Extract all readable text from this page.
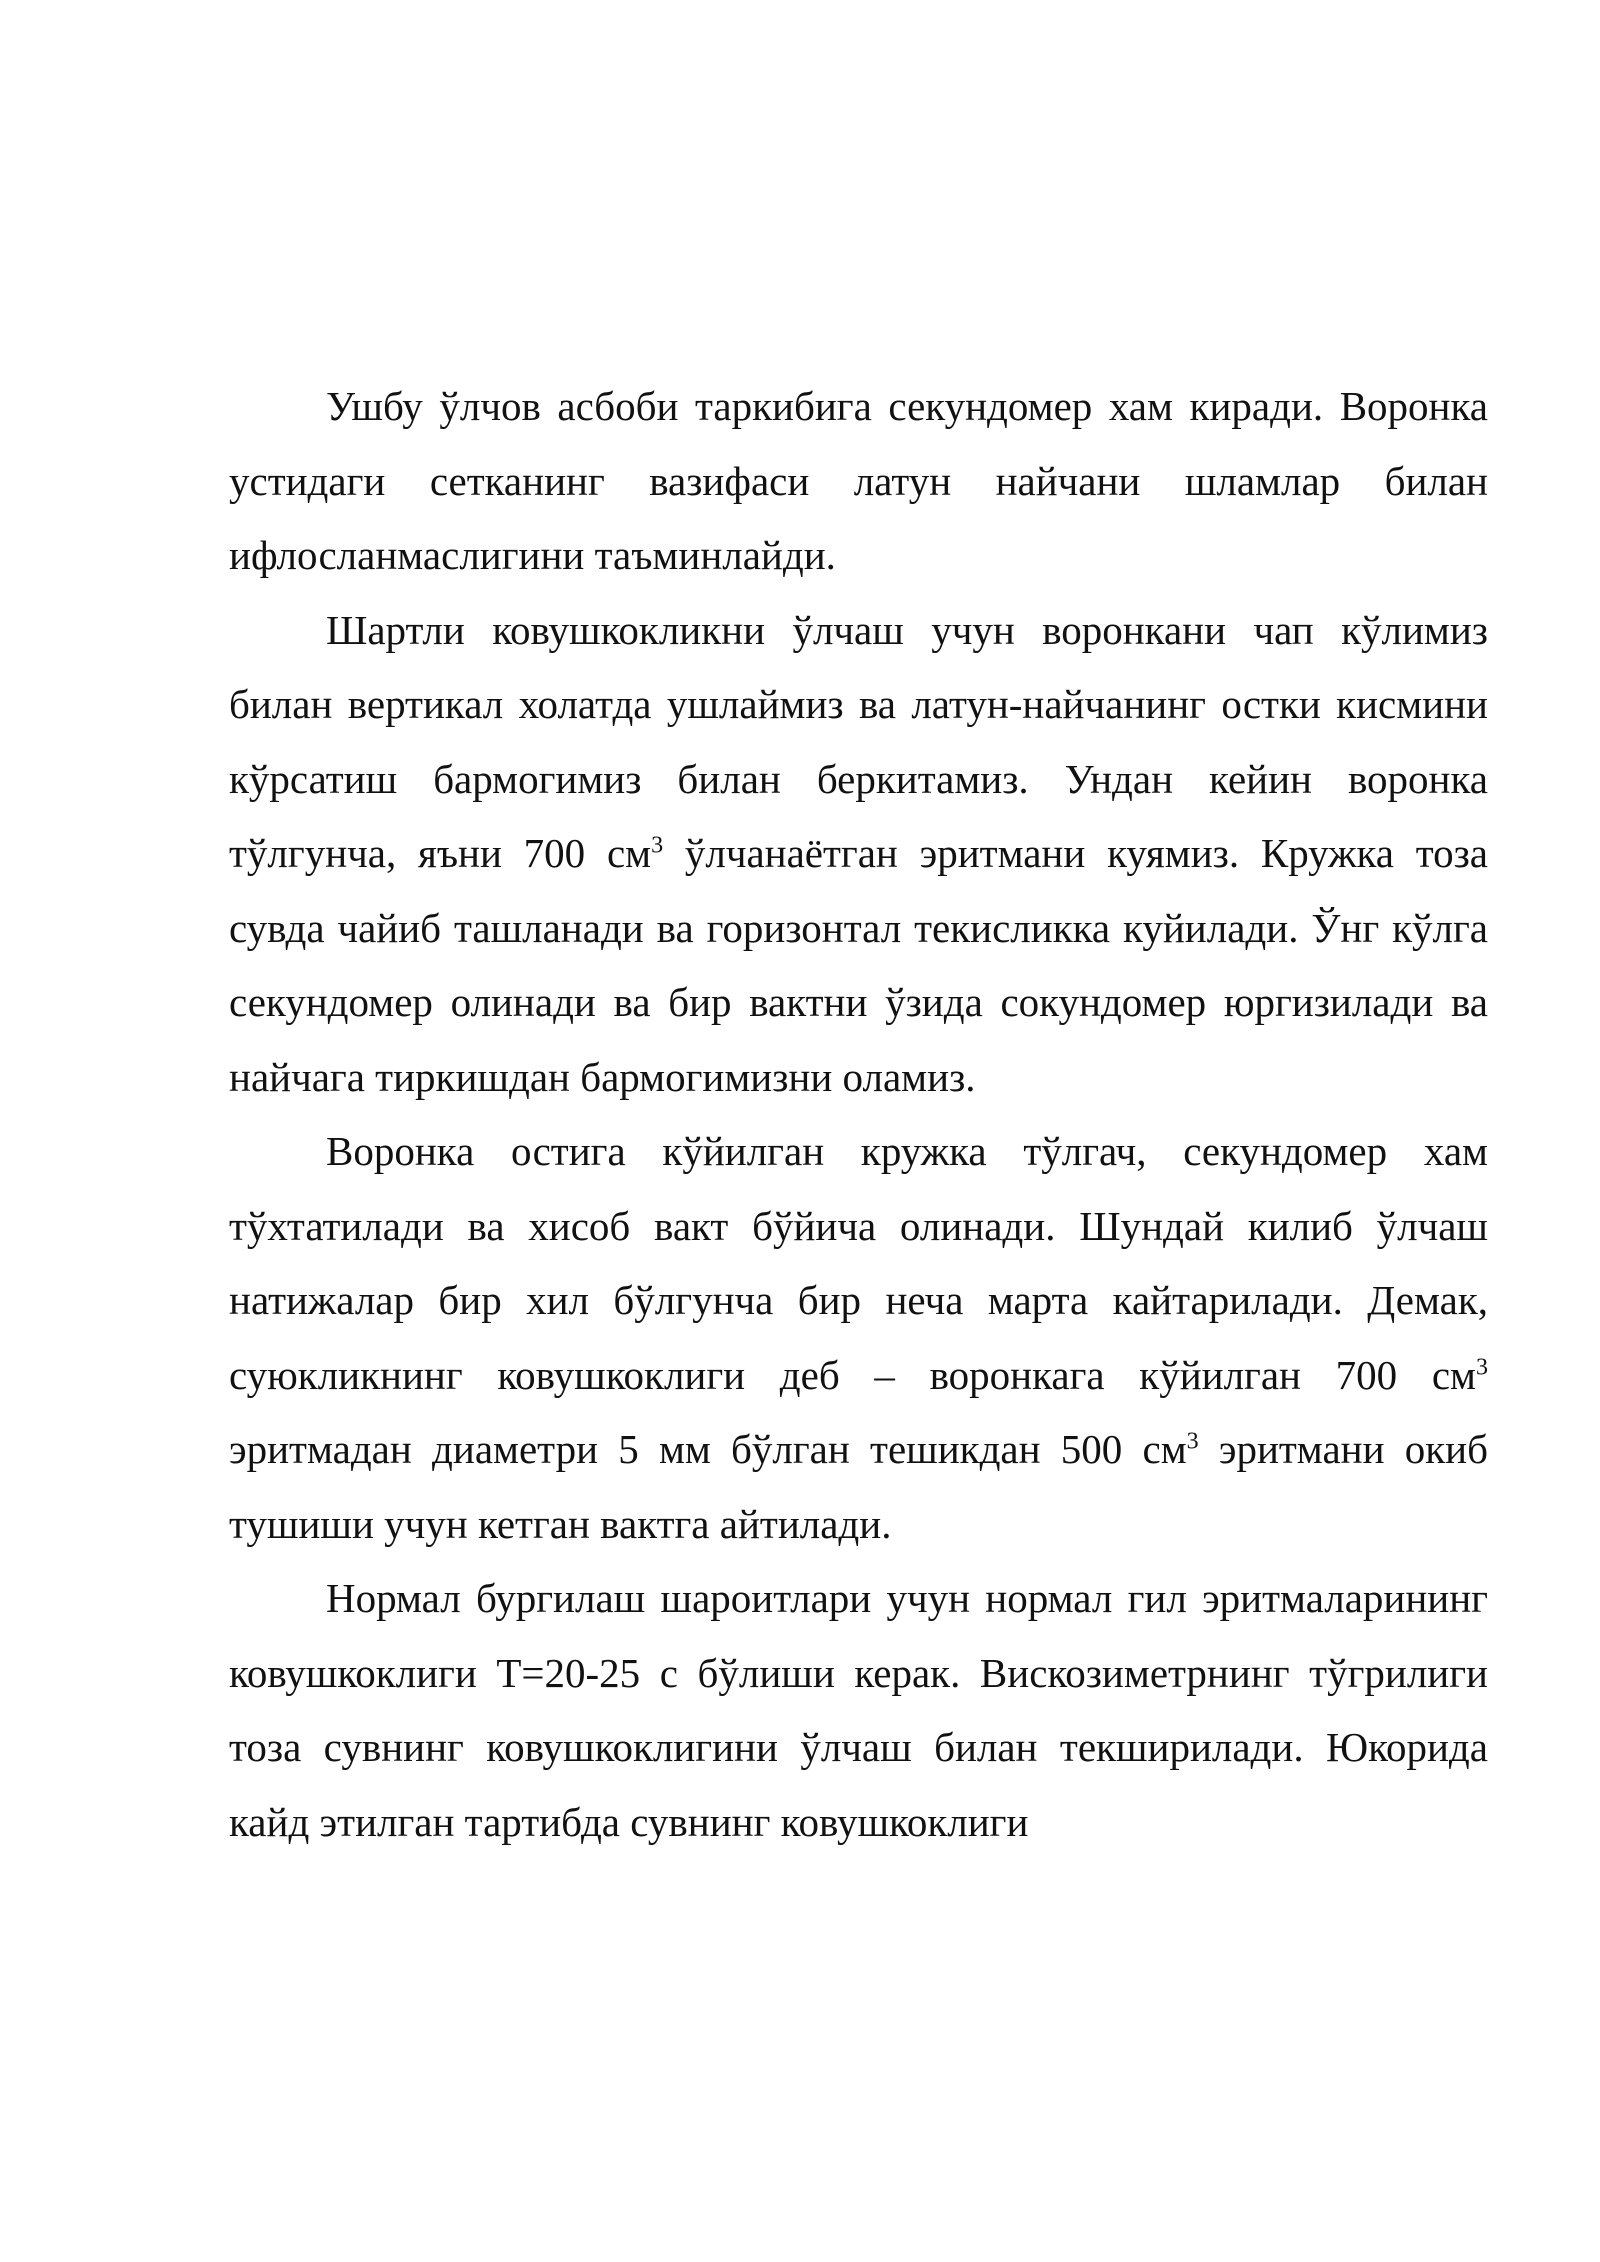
Ушбу ўлчов асбоби таркибига секундомер хам киради. Воронка устидаги сетканинг вазифаси латун найчани шламлар билан ифлосланмаслигини таъминлайди.

Шартли ковушкокликни ўлчаш учун воронкани чап кўлимиз билан вертикал холатда ушлаймиз ва латун-найчанинг остки кисмини кўрсатиш бармогимиз билан беркитамиз. Ундан кейин воронка тўлгунча, яъни 700 $см^3$ ўлчанаётган эритмани куямиз. Кружка тоза сувда чайиб ташланади ва горизонтал текисликка куйилади. Ўнг кўлга секундомер олинади ва бир вактни ўзида сокундомер юргизилади ва найчага тиркишдан бармогимизни оламиз.

Воронка остига кўйилган кружка тўлгач, секундомер хам тўхтатилади ва хисоб вакт бўйича олинади. Шундай килиб ўлчаш натижалар бир хил бўлгунча бир неча марта кайтарилади. Демак, суюкликнинг ковушкоклиги деб – воронкага кўйилган 700 $см^3$ эритмадан диаметри 5 мм бўлган тешикдан 500 $см^3$ эритмани окиб тушиши учун кетган вактга айтилади.

Нормал бургилаш шароитлари учун нормал гил эритмаларининг ковушкоклиги Т=20-25 с бўлиши керак. Вискозиметрнинг тўгрилиги тоза сувнинг ковушкоклигини ўлчаш билан текширилади. Юкорида кайд этилган тартибда сувнинг ковушкоклиги
